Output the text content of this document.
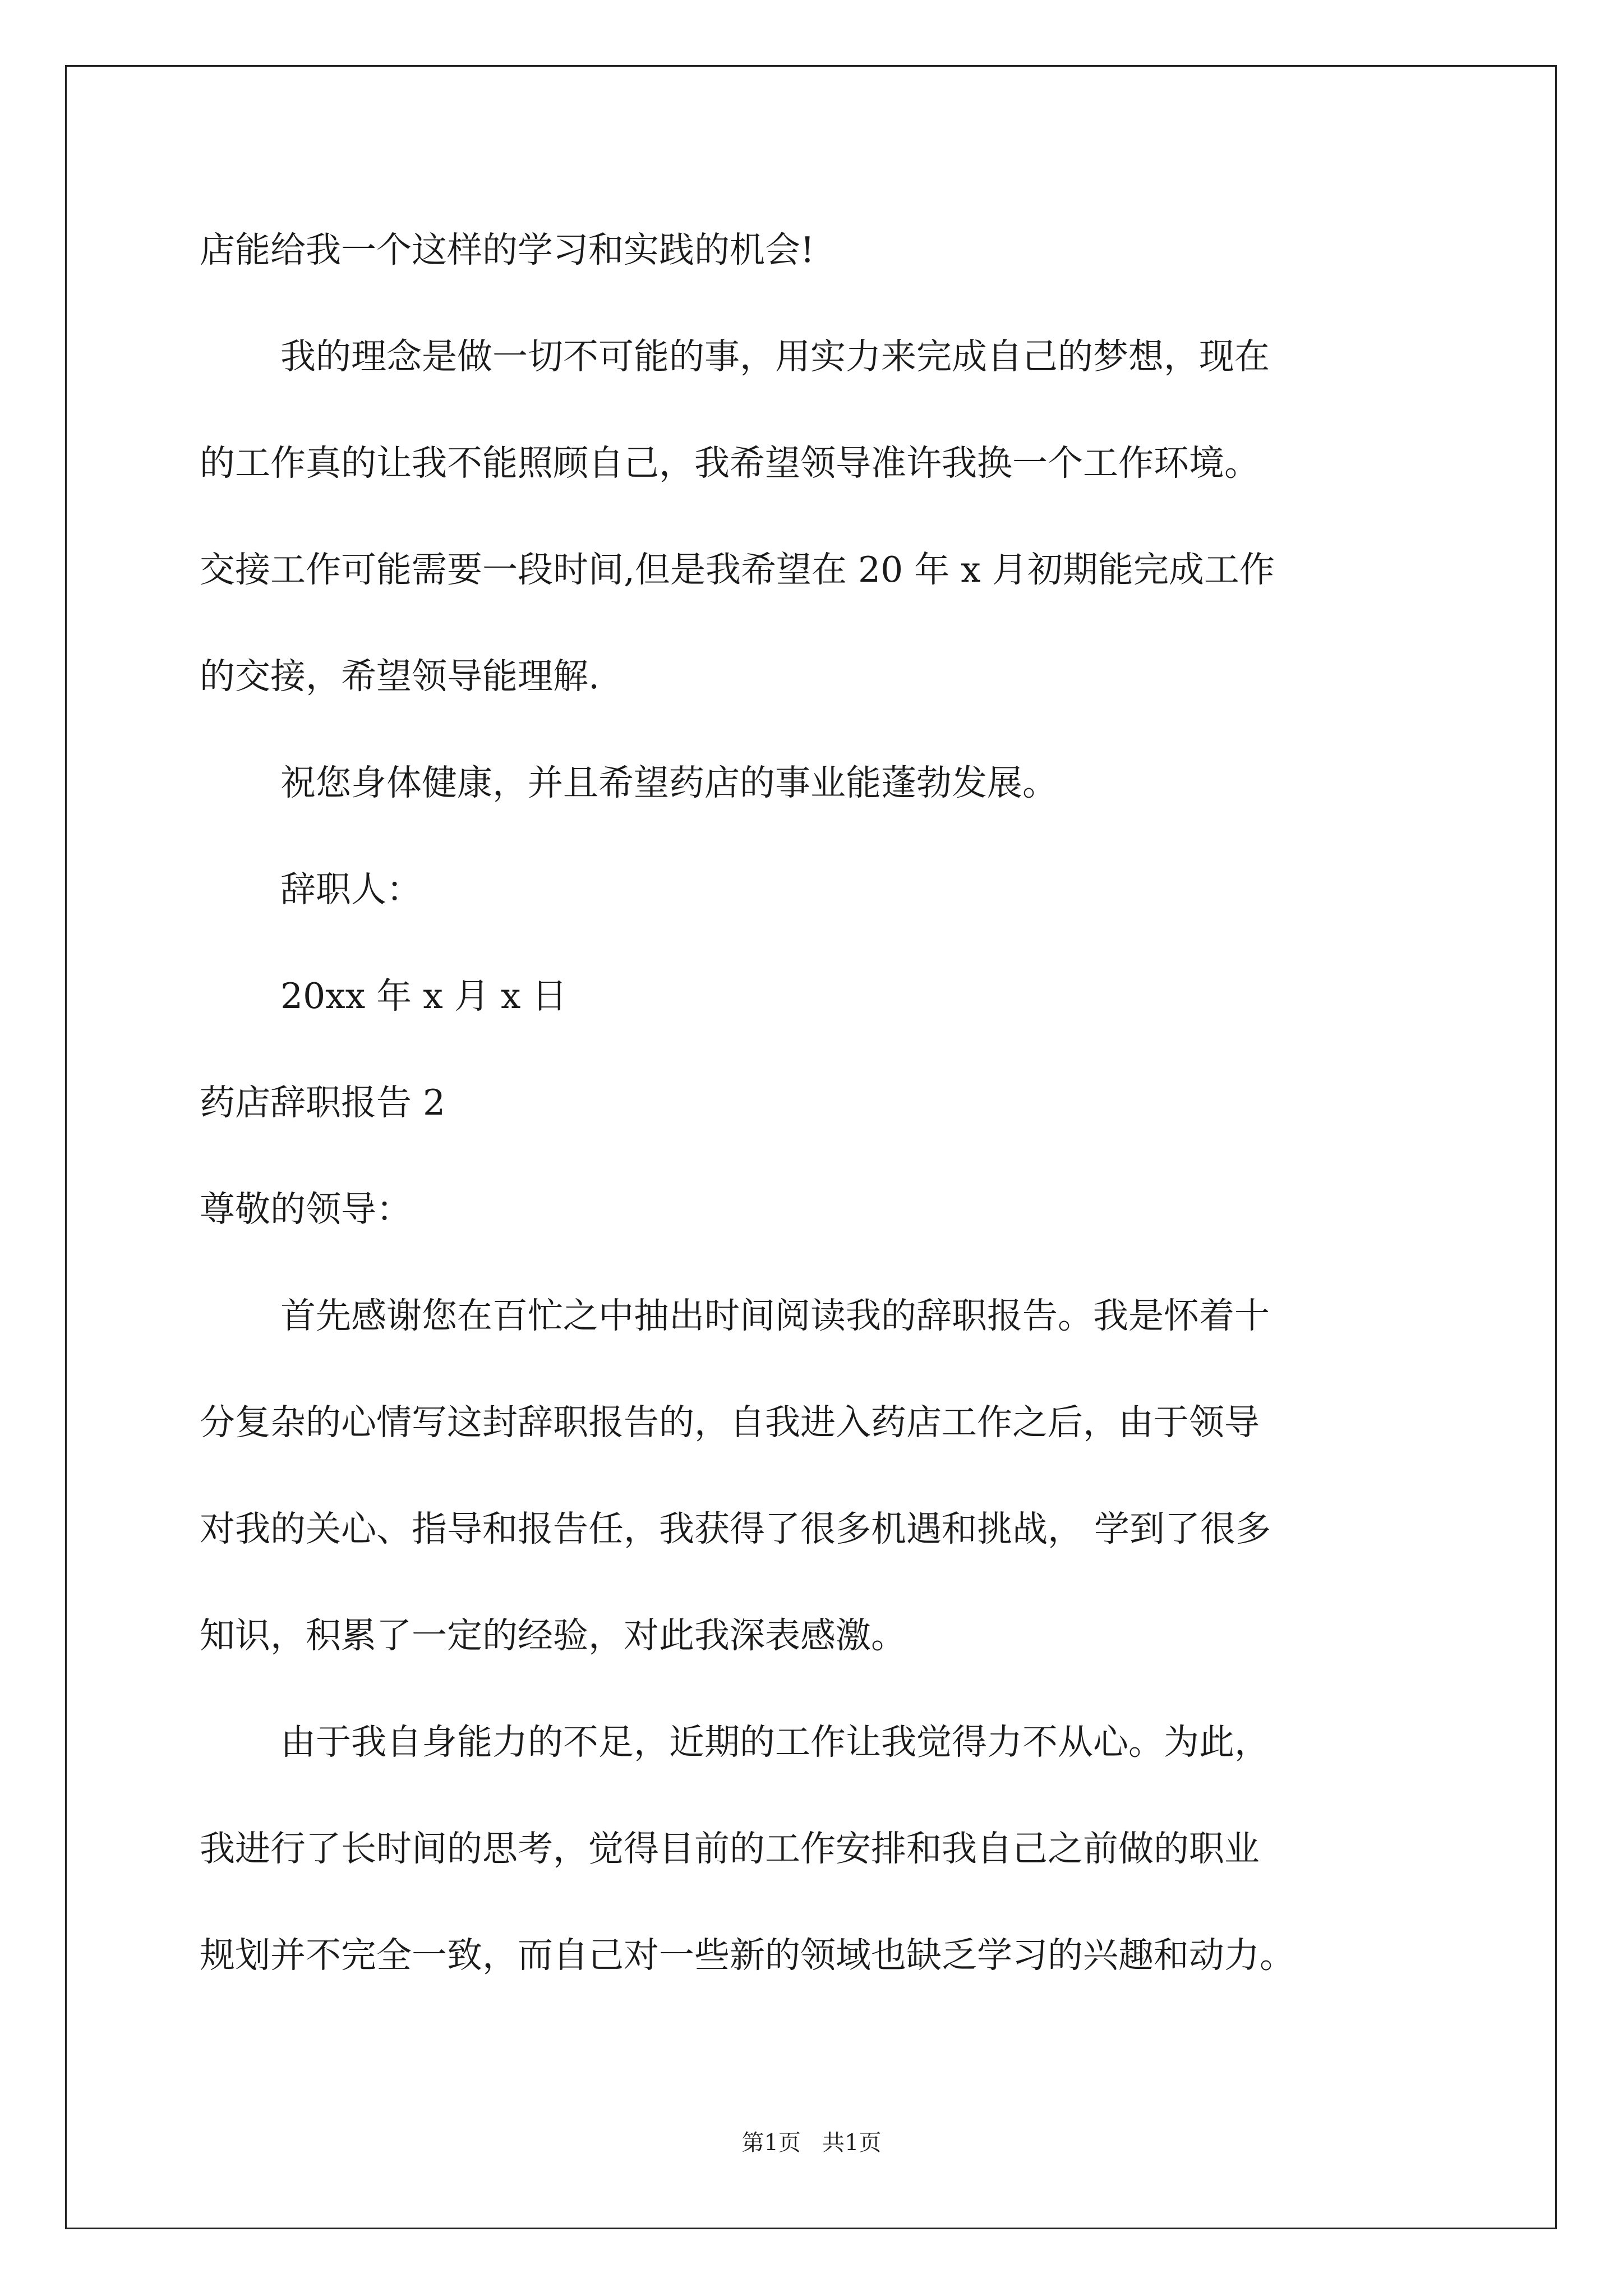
店能给我一个这样的学习和实践的机会!
我的理念是做一切不可能的事，用实力来完成自己的梦想，现在
的工作真的让我不能照顾自己，我希望领导准许我换一个工作环境。
交接工作可能需要一段时间,但是我希望在 20 年 x 月初期能完成工作
的交接，希望领导能理解.
祝您身体健康，并且希望药店的事业能蓬勃发展。
辞职人：
20xx 年 x 月 x 日
药店辞职报告 2
尊敬的领导：
首先感谢您在百忙之中抽出时间阅读我的辞职报告。我是怀着十
分复杂的心情写这封辞职报告的，自我进入药店工作之后，由于领导
对我的关心、指导和报告任，我获得了很多机遇和挑战， 学到了很多
知识，积累了一定的经验，对此我深表感激。
由于我自身能力的不足，近期的工作让我觉得力不从心。为此，
我进行了长时间的思考，觉得目前的工作安排和我自己之前做的职业
规划并不完全一致，而自己对一些新的领域也缺乏学习的兴趣和动力。
第1页   共1页
